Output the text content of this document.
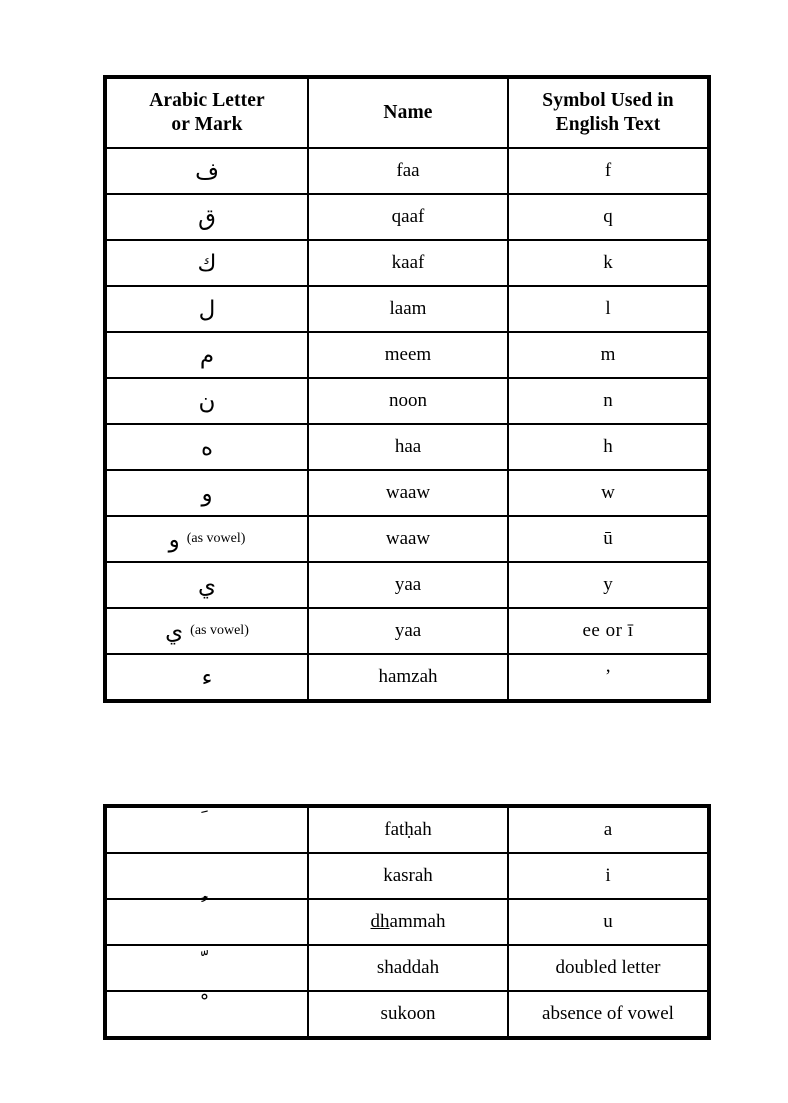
Arabic Letter
or Mark	Name	Symbol Used in
English Text

ف	faa	f

ق	qaaf	q

ك	kaaf	k

ل	laam	l

م	meem	m

ن	noon	n

ه	haa	h

و	waaw	w

و (as vowel)	waaw	ū

ي	yaa	y

ي (as vowel)	yaa	ee or ī

ء	hamzah	’
	fatḥah	a

	kasrah	i

	dhammah	u

	shaddah	doubled letter

	sukoon	absence of vowel
